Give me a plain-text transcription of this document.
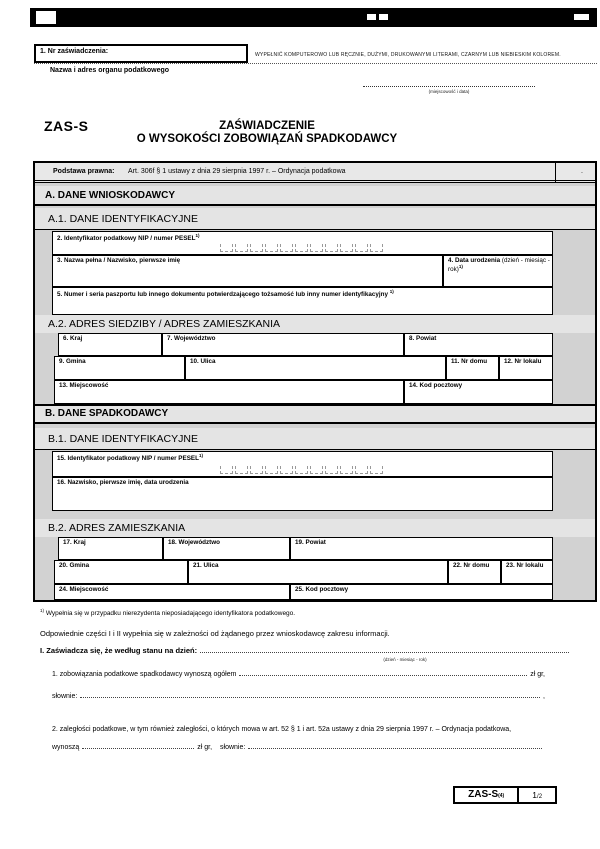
1. Nr zaświadczenia:	WYPEŁNIĆ KOMPUTEROWO LUB RĘCZNIE, DUŻYMI, DRUKOWANYMI LITERAMI, CZARNYM LUB NIEBIESKIM KOLOREM.
Nazwa i adres organu podatkowego
(miejscowość i data)
ZAS-S	ZAŚWIADCZENIE
O WYSOKOŚCI ZOBOWIĄZAŃ SPADKODAWCY
Podstawa prawna: Art. 306f § 1 ustawy z dnia 29 sierpnia 1997 r. – Ordynacja podatkowa	.
A. DANE WNIOSKODAWCY
A.1. DANE IDENTYFIKACYJNE
2. Identyfikator podatkowy NIP / numer PESEL$^{1)}$
3. Nazwa pełna / Nazwisko, pierwsze imię	4. Data urodzenia (dzień - miesiąc - rok)$^{1)}$
5. Numer i seria paszportu lub innego dokumentu potwierdzającego tożsamość lub inny numer identyfikacyjny $^{1)}$
A.2. ADRES SIEDZIBY / ADRES ZAMIESZKANIA
6. Kraj	7. Województwo	8. Powiat
9. Gmina	10. Ulica	11. Nr domu	12. Nr lokalu
13. Miejscowość	14. Kod pocztowy
B. DANE SPADKODAWCY
B.1. DANE IDENTYFIKACYJNE
15. Identyfikator podatkowy NIP / numer PESEL$^{1)}$
16. Nazwisko, pierwsze imię, data urodzenia
B.2. ADRES ZAMIESZKANIA
17. Kraj	18. Województwo	19. Powiat
20. Gmina	21. Ulica	22. Nr domu	23. Nr lokalu
24. Miejscowość	25. Kod pocztowy
$^{1)}$ Wypełnia się w przypadku nierezydenta nieposiadającego identyfikatora podatkowego.
Odpowiednie części I i II wypełnia się w zależności od żądanego przez wnioskodawcę zakresu informacji.
I. Zaświadcza się, że według stanu na dzień:
(dzień - miesiąc - rok)
1. zobowiązania podatkowe spadkodawcy wynoszą ogółem	zł gr,
słownie:	,
2. zaległości podatkowe, w tym również zaległości, o których mowa w art. 52 § 1 i art. 52a ustawy z dnia 29 sierpnia 1997 r. – Ordynacja podatkowa,
wynoszą	zł gr, słownie:
ZAS-S(4)	1/2
